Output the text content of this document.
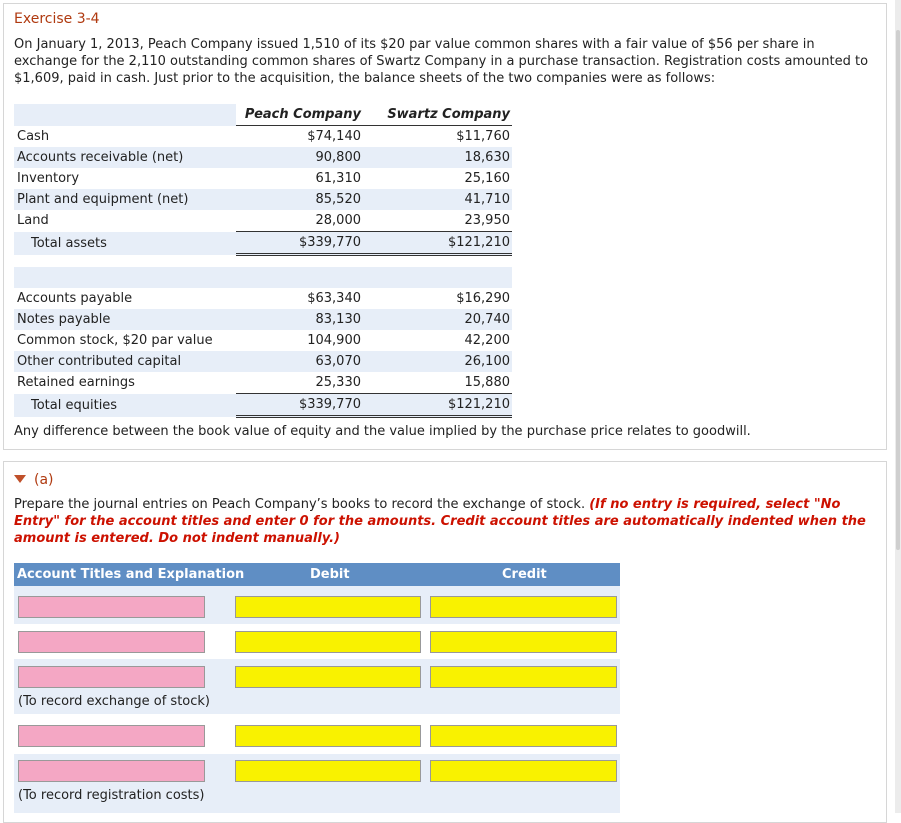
Exercise 3-4
On January 1, 2013, Peach Company issued 1,510 of its $20 par value common shares with a fair value of $56 per share in exchange for the 2,110 outstanding common shares of Swartz Company in a purchase transaction. Registration costs amounted to $1,609, paid in cash. Just prior to the acquisition, the balance sheets of the two companies were as follows:
	Peach Company	Swartz Company
Cash	$74,140	$11,760
Accounts receivable (net)	90,800	18,630
Inventory	61,310	25,160
Plant and equipment (net)	85,520	41,710
Land	28,000	23,950
Total assets	$339,770	$121,210

Accounts payable	$63,340	$16,290
Notes payable	83,130	20,740
Common stock, $20 par value	104,900	42,200
Other contributed capital	63,070	26,100
Retained earnings	25,330	15,880
Total equities	$339,770	$121,210
Any difference between the book value of equity and the value implied by the purchase price relates to goodwill.
(a)
Prepare the journal entries on Peach Company’s books to record the exchange of stock. (If no entry is required, select "No Entry" for the account titles and enter 0 for the amounts. Credit account titles are automatically indented when the amount is entered. Do not indent manually.)
Account Titles and Explanation	Debit	Credit
(To record exchange of stock)
(To record registration costs)
